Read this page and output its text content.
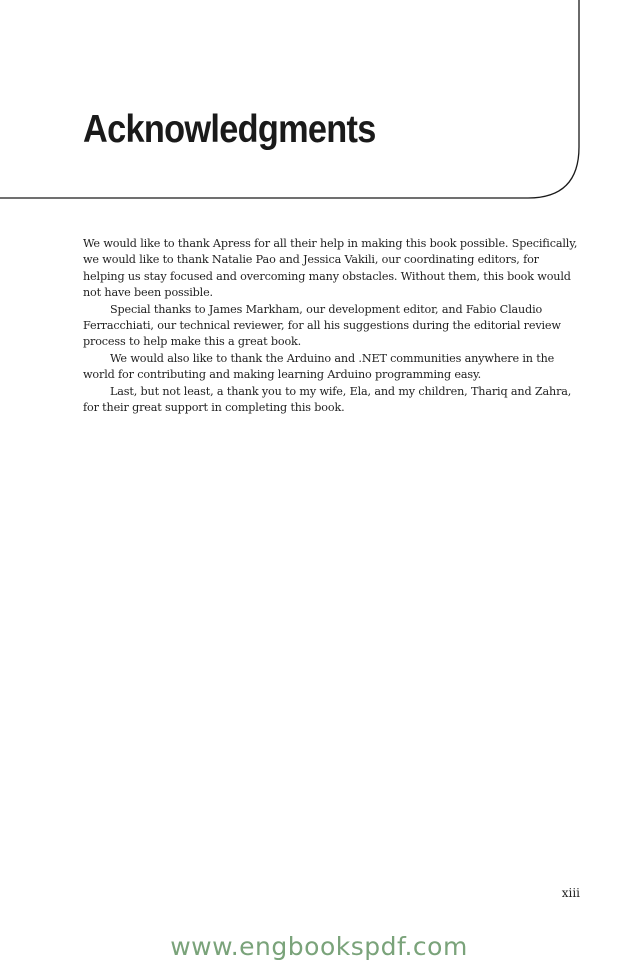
Acknowledgments

We would like to thank Apress for all their help in making this book possible. Specifically, we would like to thank Natalie Pao and Jessica Vakili, our coordinating editors, for helping us stay focused and overcoming many obstacles. Without them, this book would not have been possible.

Special thanks to James Markham, our development editor, and Fabio Claudio Ferracchiati, our technical reviewer, for all his suggestions during the editorial review process to help make this a great book.

We would also like to thank the Arduino and .NET communities anywhere in the world for contributing and making learning Arduino programming easy.

Last, but not least, a thank you to my wife, Ela, and my children, Thariq and Zahra, for their great support in completing this book.

xiii
www.engbookspdf.com
